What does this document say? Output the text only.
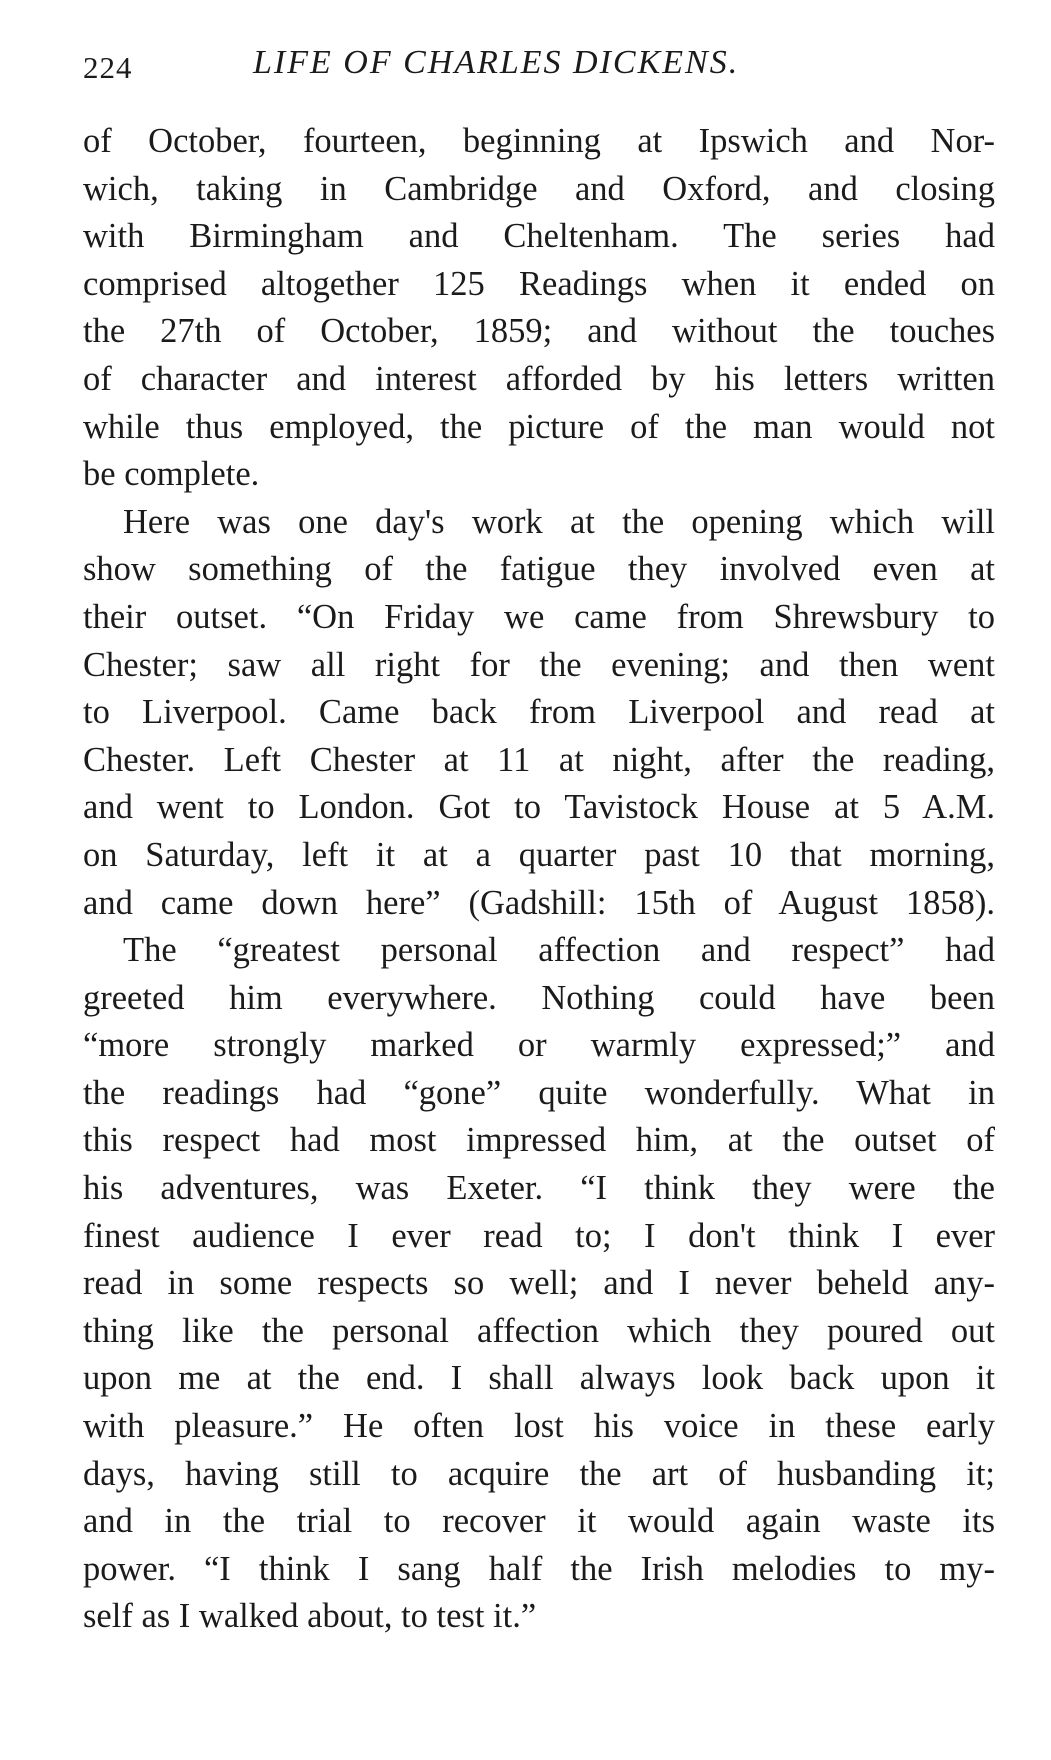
224	LIFE OF CHARLES DICKENS.
of October, fourteen, beginning at Ipswich and Nor-
wich, taking in Cambridge and Oxford, and closing
with Birmingham and Cheltenham. The series had
comprised altogether 125 Readings when it ended on
the 27th of October, 1859; and without the touches
of character and interest afforded by his letters written
while thus employed, the picture of the man would not
be complete.
Here was one day's work at the opening which will
show something of the fatigue they involved even at
their outset. “On Friday we came from Shrewsbury to
Chester; saw all right for the evening; and then went
to Liverpool. Came back from Liverpool and read at
Chester. Left Chester at 11 at night, after the reading,
and went to London. Got to Tavistock House at 5 A.M.
on Saturday, left it at a quarter past 10 that morning,
and came down here” (Gadshill: 15th of August 1858).
The “greatest personal affection and respect” had
greeted him everywhere. Nothing could have been
“more strongly marked or warmly expressed;” and
the readings had “gone” quite wonderfully. What in
this respect had most impressed him, at the outset of
his adventures, was Exeter. “I think they were the
finest audience I ever read to; I don't think I ever
read in some respects so well; and I never beheld any-
thing like the personal affection which they poured out
upon me at the end. I shall always look back upon it
with pleasure.” He often lost his voice in these early
days, having still to acquire the art of husbanding it;
and in the trial to recover it would again waste its
power. “I think I sang half the Irish melodies to my-
self as I walked about, to test it.”
